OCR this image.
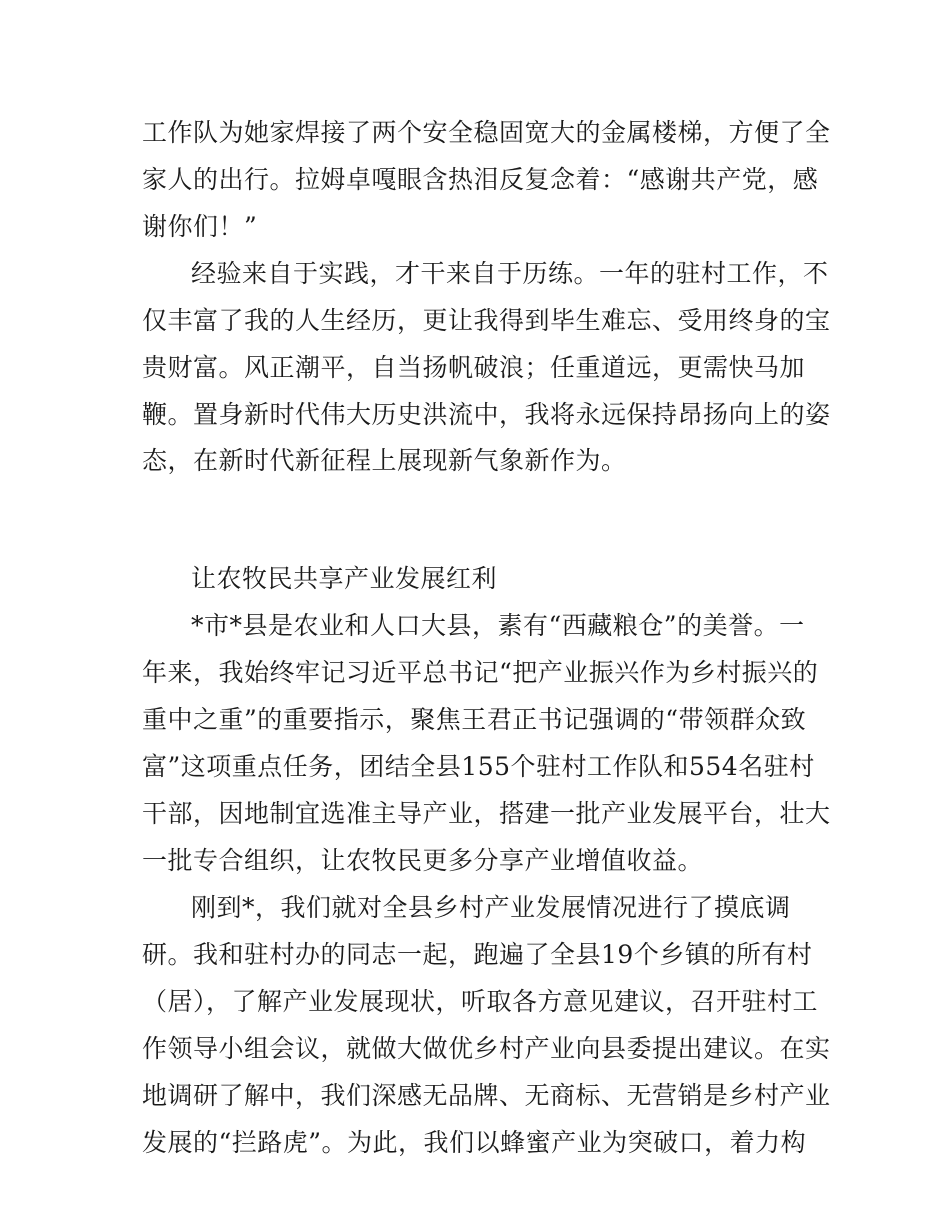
工作队为她家焊接了两个安全稳固宽大的金属楼梯，方便了全
家人的出行。拉姆卓嘎眼含热泪反复念着：“感谢共产党，感
谢你们！”
经验来自于实践，才干来自于历练。一年的驻村工作，不
仅丰富了我的人生经历，更让我得到毕生难忘、受用终身的宝
贵财富。风正潮平，自当扬帆破浪；任重道远，更需快马加
鞭。置身新时代伟大历史洪流中，我将永远保持昂扬向上的姿
态，在新时代新征程上展现新气象新作为。
让农牧民共享产业发展红利
*市*县是农业和人口大县，素有“西藏粮仓”的美誉。一
年来，我始终牢记习近平总书记“把产业振兴作为乡村振兴的
重中之重”的重要指示，聚焦王君正书记强调的“带领群众致
富”这项重点任务，团结全县155个驻村工作队和554名驻村
干部，因地制宜选准主导产业，搭建一批产业发展平台，壮大
一批专合组织，让农牧民更多分享产业增值收益。
刚到*，我们就对全县乡村产业发展情况进行了摸底调
研。我和驻村办的同志一起，跑遍了全县19个乡镇的所有村
（居），了解产业发展现状，听取各方意见建议，召开驻村工
作领导小组会议，就做大做优乡村产业向县委提出建议。在实
地调研了解中，我们深感无品牌、无商标、无营销是乡村产业
发展的“拦路虎”。为此，我们以蜂蜜产业为突破口，着力构
